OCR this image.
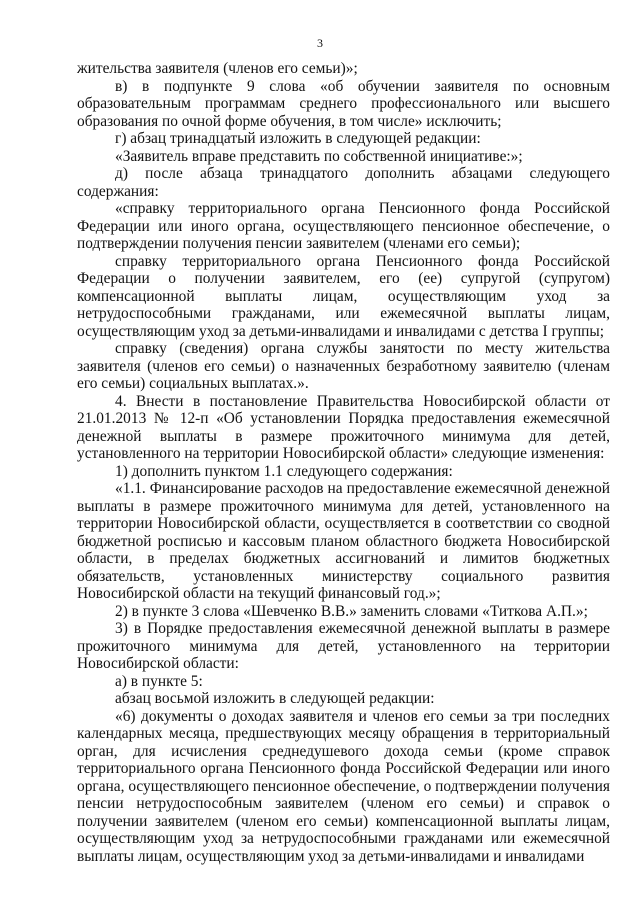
3

жительства заявителя (членов его семьи)»;

в) в подпункте 9 слова «об обучении заявителя по основным образовательным программам среднего профессионального или высшего образования по очной форме обучения, в том числе» исключить;

г) абзац тринадцатый изложить в следующей редакции:

«Заявитель вправе представить по собственной инициативе:»;

д) после абзаца тринадцатого дополнить абзацами следующего содержания:

«справку территориального органа Пенсионного фонда Российской Федерации или иного органа, осуществляющего пенсионное обеспечение, о подтверждении получения пенсии заявителем (членами его семьи);

справку территориального органа Пенсионного фонда Российской Федерации о получении заявителем, его (ее) супругой (супругом) компенсационной выплаты лицам, осуществляющим уход за нетрудоспособными гражданами, или ежемесячной выплаты лицам, осуществляющим уход за детьми-инвалидами и инвалидами с детства I группы;

справку (сведения) органа службы занятости по месту жительства заявителя (членов его семьи) о назначенных безработному заявителю (членам его семьи) социальных выплатах.».

4. Внести в постановление Правительства Новосибирской области от 21.01.2013 № 12-п «Об установлении Порядка предоставления ежемесячной денежной выплаты в размере прожиточного минимума для детей, установленного на территории Новосибирской области» следующие изменения:

1) дополнить пунктом 1.1 следующего содержания:

«1.1. Финансирование расходов на предоставление ежемесячной денежной выплаты в размере прожиточного минимума для детей, установленного на территории Новосибирской области, осуществляется в соответствии со сводной бюджетной росписью и кассовым планом областного бюджета Новосибирской области, в пределах бюджетных ассигнований и лимитов бюджетных обязательств, установленных министерству социального развития Новосибирской области на текущий финансовый год.»;

2) в пункте 3 слова «Шевченко В.В.» заменить словами «Титкова А.П.»;

3) в Порядке предоставления ежемесячной денежной выплаты в размере прожиточного минимума для детей, установленного на территории Новосибирской области:

а) в пункте 5:

абзац восьмой изложить в следующей редакции:

«6) документы о доходах заявителя и членов его семьи за три последних календарных месяца, предшествующих месяцу обращения в территориальный орган, для исчисления среднедушевого дохода семьи (кроме справок территориального органа Пенсионного фонда Российской Федерации или иного органа, осуществляющего пенсионное обеспечение, о подтверждении получения пенсии нетрудоспособным заявителем (членом его семьи) и справок о получении заявителем (членом его семьи) компенсационной выплаты лицам, осуществляющим уход за нетрудоспособными гражданами или ежемесячной выплаты лицам, осуществляющим уход за детьми-инвалидами и инвалидами
